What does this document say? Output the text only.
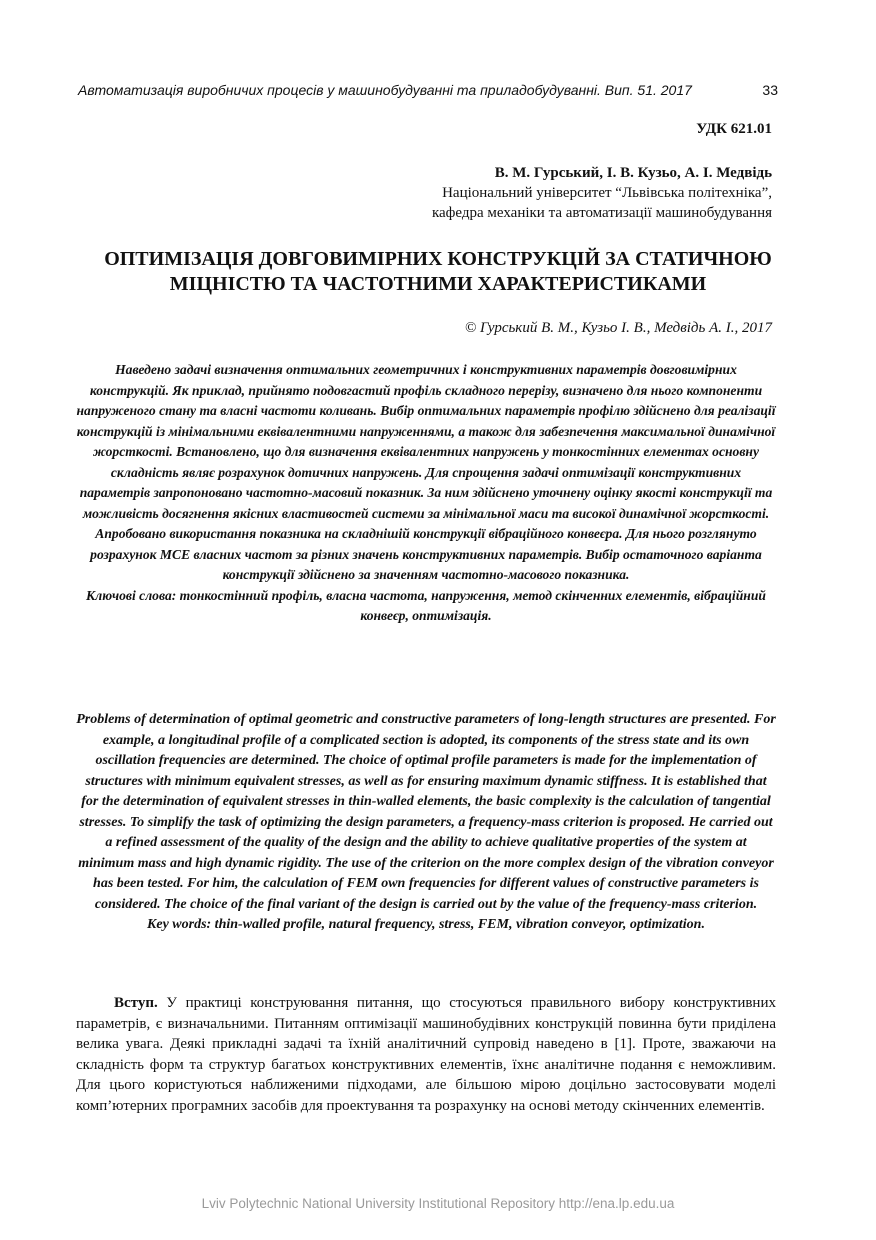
Автоматизація виробничих процесів у машинобудуванні та приладобудуванні. Вип. 51. 2017	33
УДК 621.01
В. М. Гурський, І. В. Кузьо, А. І. Медвідь
Національний університет “Львівська політехніка”,
кафедра механіки та автоматизації машинобудування
ОПТИМІЗАЦІЯ ДОВГОВИМІРНИХ КОНСТРУКЦІЙ ЗА СТАТИЧНОЮ
МІЦНІСТЮ ТА ЧАСТОТНИМИ ХАРАКТЕРИСТИКАМИ
© Гурський В. М., Кузьо І. В., Медвідь А. І., 2017

Наведено задачі визначення оптимальних геометричних і конструктивних параметрів довговимірних конструкцій. Як приклад, прийнято подовгастий профіль складного перерізу, визначено для нього компоненти напруженого стану та власні частоти коливань. Вибір оптимальних параметрів профілю здійснено для реалізації конструкцій із мінімальними еквівалентними напруженнями, а також для забезпечення максимальної динамічної жорсткості. Встановлено, що для визначення еквівалентних напружень у тонкостінних елементах основну складність являє розрахунок дотичних напружень. Для спрощення задачі оптимізації конструктивних параметрів запропоновано частотно-масовий показник. За ним здійснено уточнену оцінку якості конструкції та можливість досягнення якісних властивостей системи за мінімальної маси та високої динамічної жорсткості. Апробовано використання показника на складнішій конструкції вібраційного конвеєра. Для нього розглянуто розрахунок МСЕ власних частот за різних значень конструктивних параметрів. Вибір остаточного варіанта конструкції здійснено за значенням частотно-масового показника.

Ключові слова: тонкостінний профіль, власна частота, напруження, метод скінченних елементів, вібраційний конвеєр, оптимізація.

Problems of determination of optimal geometric and constructive parameters of long-length structures are presented. For example, a longitudinal profile of a complicated section is adopted, its components of the stress state and its own oscillation frequencies are determined. The choice of optimal profile parameters is made for the implementation of structures with minimum equivalent stresses, as well as for ensuring maximum dynamic stiffness. It is established that for the determination of equivalent stresses in thin-walled elements, the basic complexity is the calculation of tangential stresses. To simplify the task of optimizing the design parameters, a frequency-mass criterion is proposed. He carried out a refined assessment of the quality of the design and the ability to achieve qualitative properties of the system at minimum mass and high dynamic rigidity. The use of the criterion on the more complex design of the vibration conveyor has been tested. For him, the calculation of FEM own frequencies for different values of constructive parameters is considered. The choice of the final variant of the design is carried out by the value of the frequency-mass criterion.

Key words: thin-walled profile, natural frequency, stress, FEM, vibration conveyor, optimization.

Вступ. У практиці конструювання питання, що стосуються правильного вибору конструктивних параметрів, є визначальними. Питанням оптимізації машинобудівних конструкцій повинна бути приділена велика увага. Деякі прикладні задачі та їхній аналітичний супровід наведено в [1]. Проте, зважаючи на складність форм та структур багатьох конструктивних елементів, їхнє аналітичне подання є неможливим. Для цього користуються наближеними підходами, але більшою мірою доцільно застосовувати моделі комп’ютерних програмних засобів для проектування та розрахунку на основі методу скінченних елементів.

Lviv Polytechnic National University Institutional Repository http://ena.lp.edu.ua
